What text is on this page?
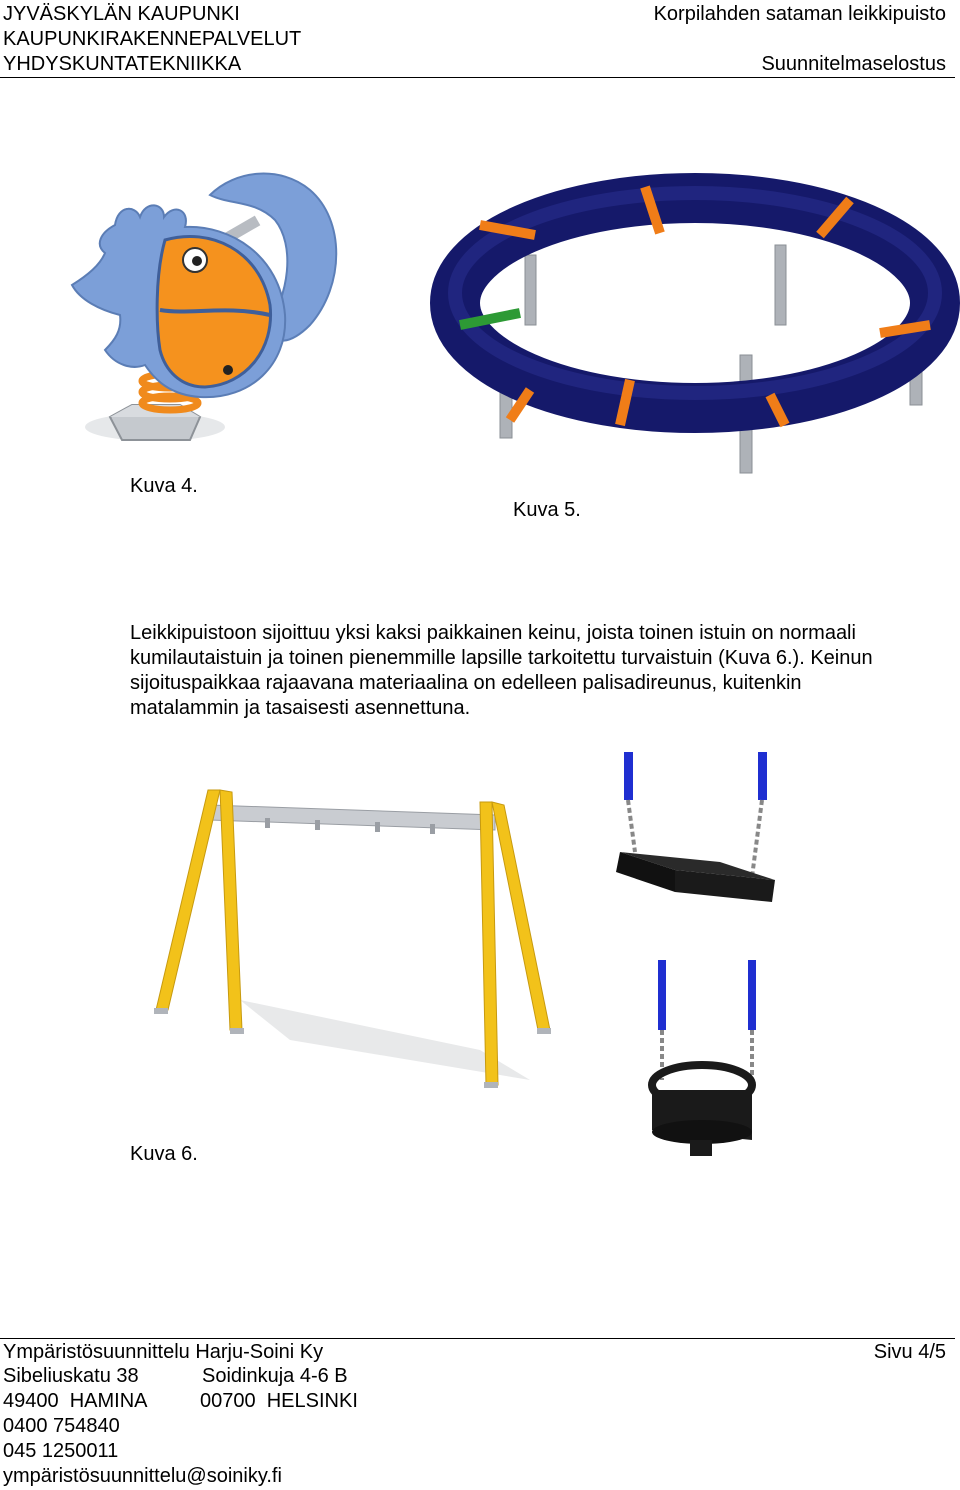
JYVÄSKYLÄN KAUPUNKI
KAUPUNKIRAKENNEPALVELUT
YHDYSKUNTATEKNIIKKA
Korpilahden sataman leikkipuisto
Suunnitelmaselostus
Kuva 4.
Kuva 5.
Leikkipuistoon sijoittuu yksi kaksi paikkainen keinu, joista toinen istuin on normaali
kumilautaistuin ja toinen pienemmille lapsille tarkoitettu turvaistuin (Kuva 6.). Keinun
sijoituspaikkaa rajaavana materiaalina on edelleen palisadireunus, kuitenkin
matalammin ja tasaisesti asennettuna.
Kuva 6.
Ympäristösuunnittelu Harju-Soini Ky	Sivu 4/5
Sibeliuskatu 38	Soidinkuja 4-6 B
49400  HAMINA	00700  HELSINKI
0400 754840
045 1250011
ympäristösuunnittelu@soiniky.fi
